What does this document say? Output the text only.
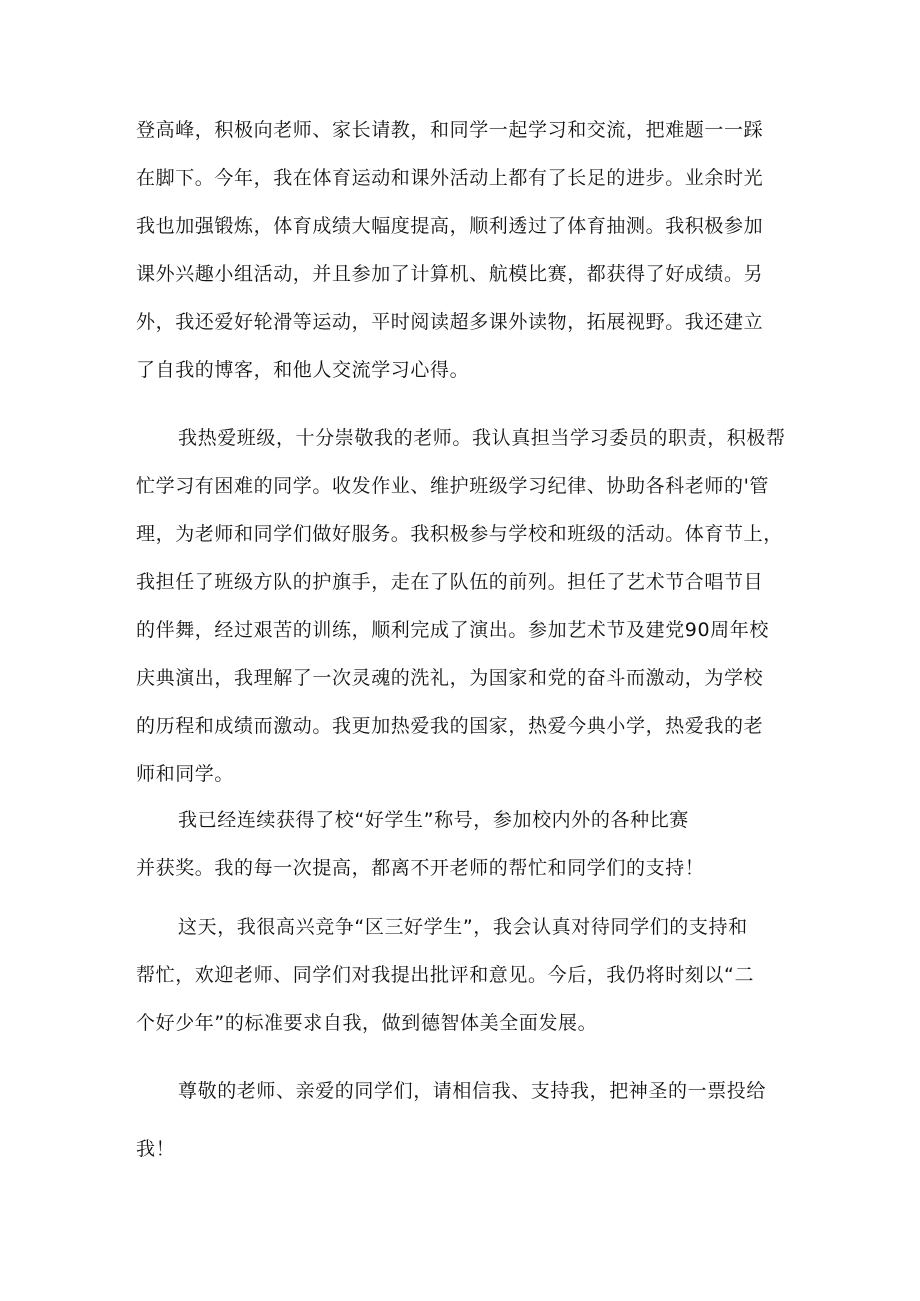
登高峰，积极向老师、家长请教，和同学一起学习和交流，把难题一一踩
在脚下。今年，我在体育运动和课外活动上都有了长足的进步。业余时光
我也加强锻炼，体育成绩大幅度提高，顺利透过了体育抽测。我积极参加
课外兴趣小组活动，并且参加了计算机、航模比赛，都获得了好成绩。另
外，我还爱好轮滑等运动，平时阅读超多课外读物，拓展视野。我还建立
了自我的博客，和他人交流学习心得。
我热爱班级，十分崇敬我的老师。我认真担当学习委员的职责，积极帮
忙学习有困难的同学。收发作业、维护班级学习纪律、协助各科老师的'管
理，为老师和同学们做好服务。我积极参与学校和班级的活动。体育节上，
我担任了班级方队的护旗手，走在了队伍的前列。担任了艺术节合唱节目
的伴舞，经过艰苦的训练，顺利完成了演出。参加艺术节及建党90周年校
庆典演出，我理解了一次灵魂的洗礼，为国家和党的奋斗而激动，为学校
的历程和成绩而激动。我更加热爱我的国家，热爱今典小学，热爱我的老
师和同学。
我已经连续获得了校“好学生”称号，参加校内外的各种比赛
并获奖。我的每一次提高，都离不开老师的帮忙和同学们的支持！
这天，我很高兴竞争“区三好学生”，我会认真对待同学们的支持和
帮忙，欢迎老师、同学们对我提出批评和意见。今后，我仍将时刻以“二
个好少年”的标准要求自我，做到德智体美全面发展。
尊敬的老师、亲爱的同学们，请相信我、支持我，把神圣的一票投给
我！
